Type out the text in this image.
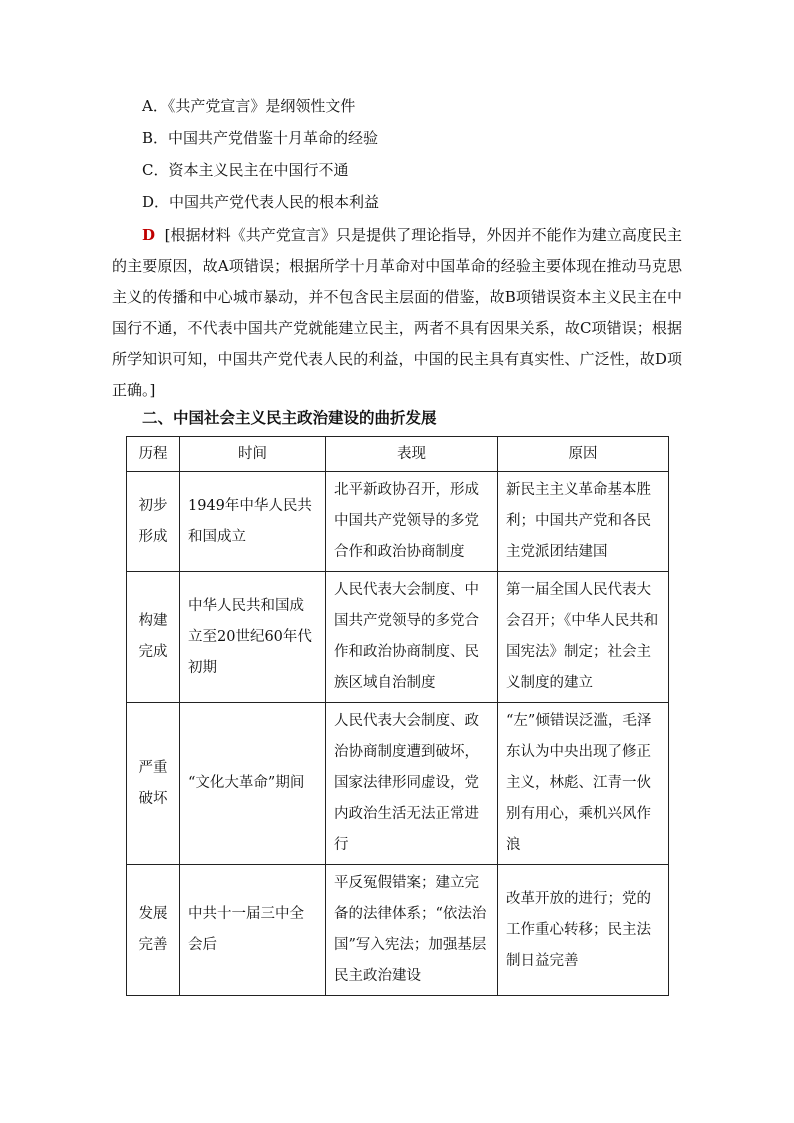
A．《共产党宣言》是纲领性文件
B．中国共产党借鉴十月革命的经验
C．资本主义民主在中国行不通
D．中国共产党代表人民的根本利益
D [根据材料《共产党宣言》只是提供了理论指导，外因并不能作为建立高度民主的主要原因，故A项错误；根据所学十月革命对中国革命的经验主要体现在推动马克思主义的传播和中心城市暴动，并不包含民主层面的借鉴，故B项错误资本主义民主在中国行不通，不代表中国共产党就能建立民主，两者不具有因果关系，故C项错误；根据所学知识可知，中国共产党代表人民的利益，中国的民主具有真实性、广泛性，故D项正确。]
二、中国社会主义民主政治建设的曲折发展
历程	时间	表现	原因

初步
形成	1949年中华人民共和国成立	北平新政协召开，形成中国共产党领导的多党合作和政治协商制度	新民主主义革命基本胜利；中国共产党和各民主党派团结建国

构建
完成	中华人民共和国成立至20世纪60年代初期	人民代表大会制度、中国共产党领导的多党合作和政治协商制度、民族区域自治制度	第一届全国人民代表大会召开；《中华人民共和国宪法》制定；社会主义制度的建立

严重
破坏	“文化大革命”期间	人民代表大会制度、政治协商制度遭到破坏，国家法律形同虚设，党内政治生活无法正常进行	“左”倾错误泛滥，毛泽东认为中央出现了修正主义，林彪、江青一伙别有用心，乘机兴风作浪

发展
完善	中共十一届三中全会后	平反冤假错案；建立完备的法律体系；“依法治国”写入宪法；加强基层民主政治建设	改革开放的进行；党的工作重心转移；民主法制日益完善
